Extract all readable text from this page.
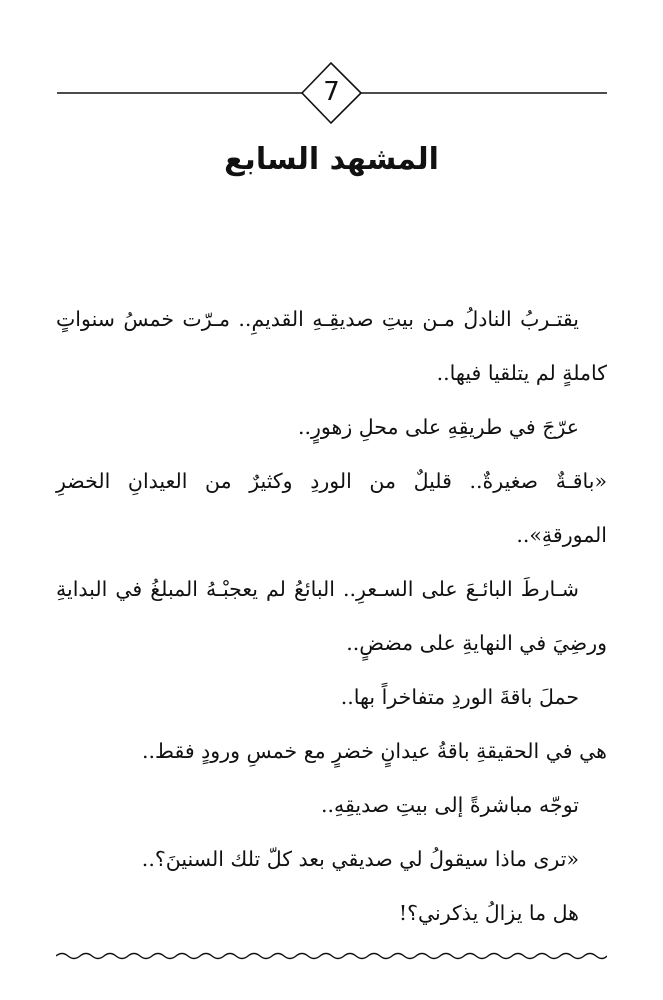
7
المشهد السابع

يقتـربُ النادلُ مـن بيتِ صديقِـهِ القديمِ.. مـرّت خمسُ سنواتٍ كاملةٍ لم يتلقيا فيها..

عرّجَ في طريقِهِ على محلِ زهورٍ..

«باقـةٌ صغيرةٌ.. قليلٌ من الوردِ وكثيرٌ من العيدانِ الخضرِ المورقةِ»..

شـارطَ البائـعَ على السـعرِ.. البائعُ لم يعجبْـهُ المبلغُ في البدايةِ ورضِيَ في النهايةِ على مضضٍ..

حملَ باقةَ الوردِ متفاخراً بها..

هي في الحقيقةِ باقةُ عيدانٍ خضرٍ مع خمسِ ورودٍ فقط..

توجّه مباشرةً إلى بيتِ صديقِهِ..

«ترى ماذا سيقولُ لي صديقي بعد كلّ تلك السنينَ؟..

هل ما يزالُ يذكرني؟!
